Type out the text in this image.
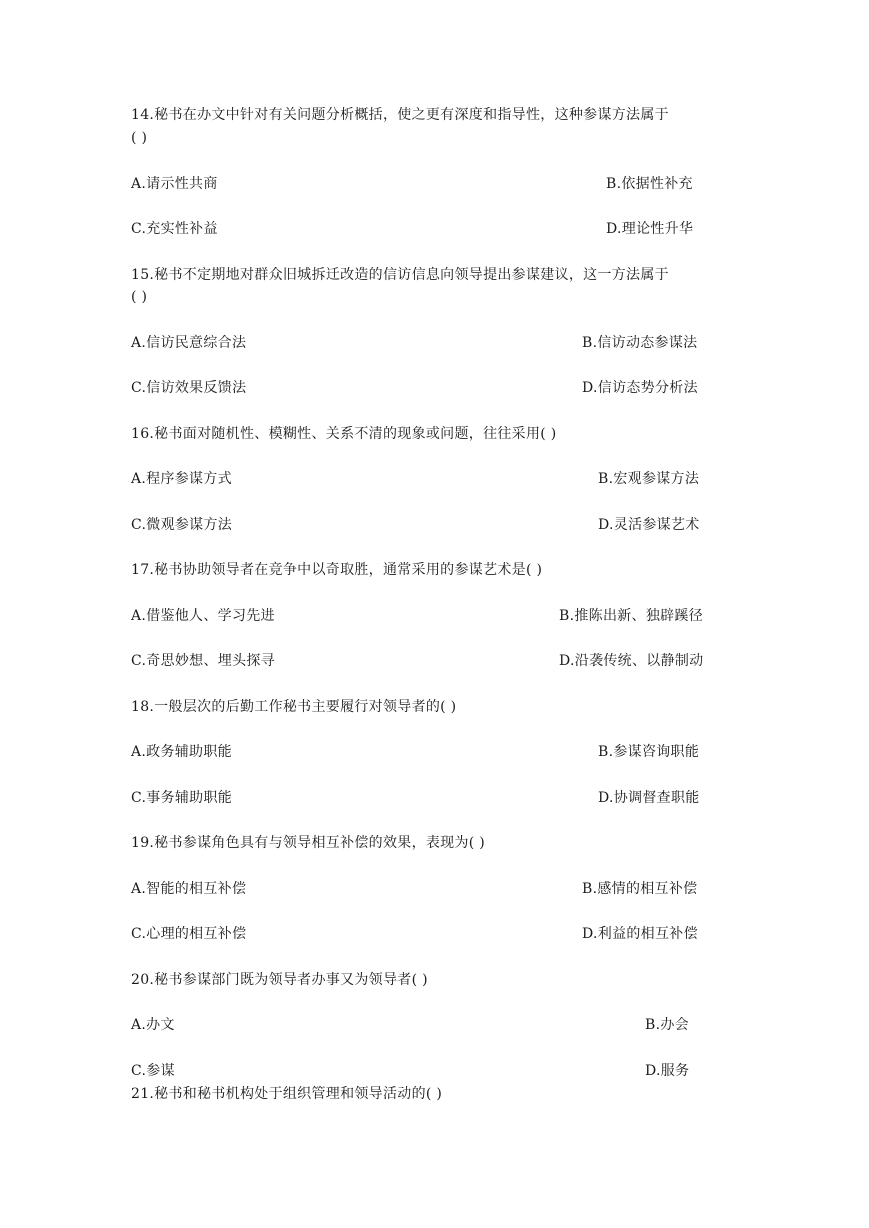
14.秘书在办文中针对有关问题分析概括，使之更有深度和指导性，这种参谋方法属于
( )
A.请示性共商	B.依据性补充
C.充实性补益	D.理论性升华
15.秘书不定期地对群众旧城拆迁改造的信访信息向领导提出参谋建议，这一方法属于
( )
A.信访民意综合法	B.信访动态参谋法
C.信访效果反馈法	D.信访态势分析法
16.秘书面对随机性、模糊性、关系不清的现象或问题，往往采用( )
A.程序参谋方式	B.宏观参谋方法
C.微观参谋方法	D.灵活参谋艺术
17.秘书协助领导者在竞争中以奇取胜，通常采用的参谋艺术是( )
A.借鉴他人、学习先进	B.推陈出新、独辟蹊径
C.奇思妙想、埋头探寻	D.沿袭传统、以静制动
18.一般层次的后勤工作秘书主要履行对领导者的( )
A.政务辅助职能	B.参谋咨询职能
C.事务辅助职能	D.协调督查职能
19.秘书参谋角色具有与领导相互补偿的效果，表现为( )
A.智能的相互补偿	B.感情的相互补偿
C.心理的相互补偿	D.利益的相互补偿
20.秘书参谋部门既为领导者办事又为领导者( )
A.办文	B.办会
C.参谋	D.服务
21.秘书和秘书机构处于组织管理和领导活动的( )
